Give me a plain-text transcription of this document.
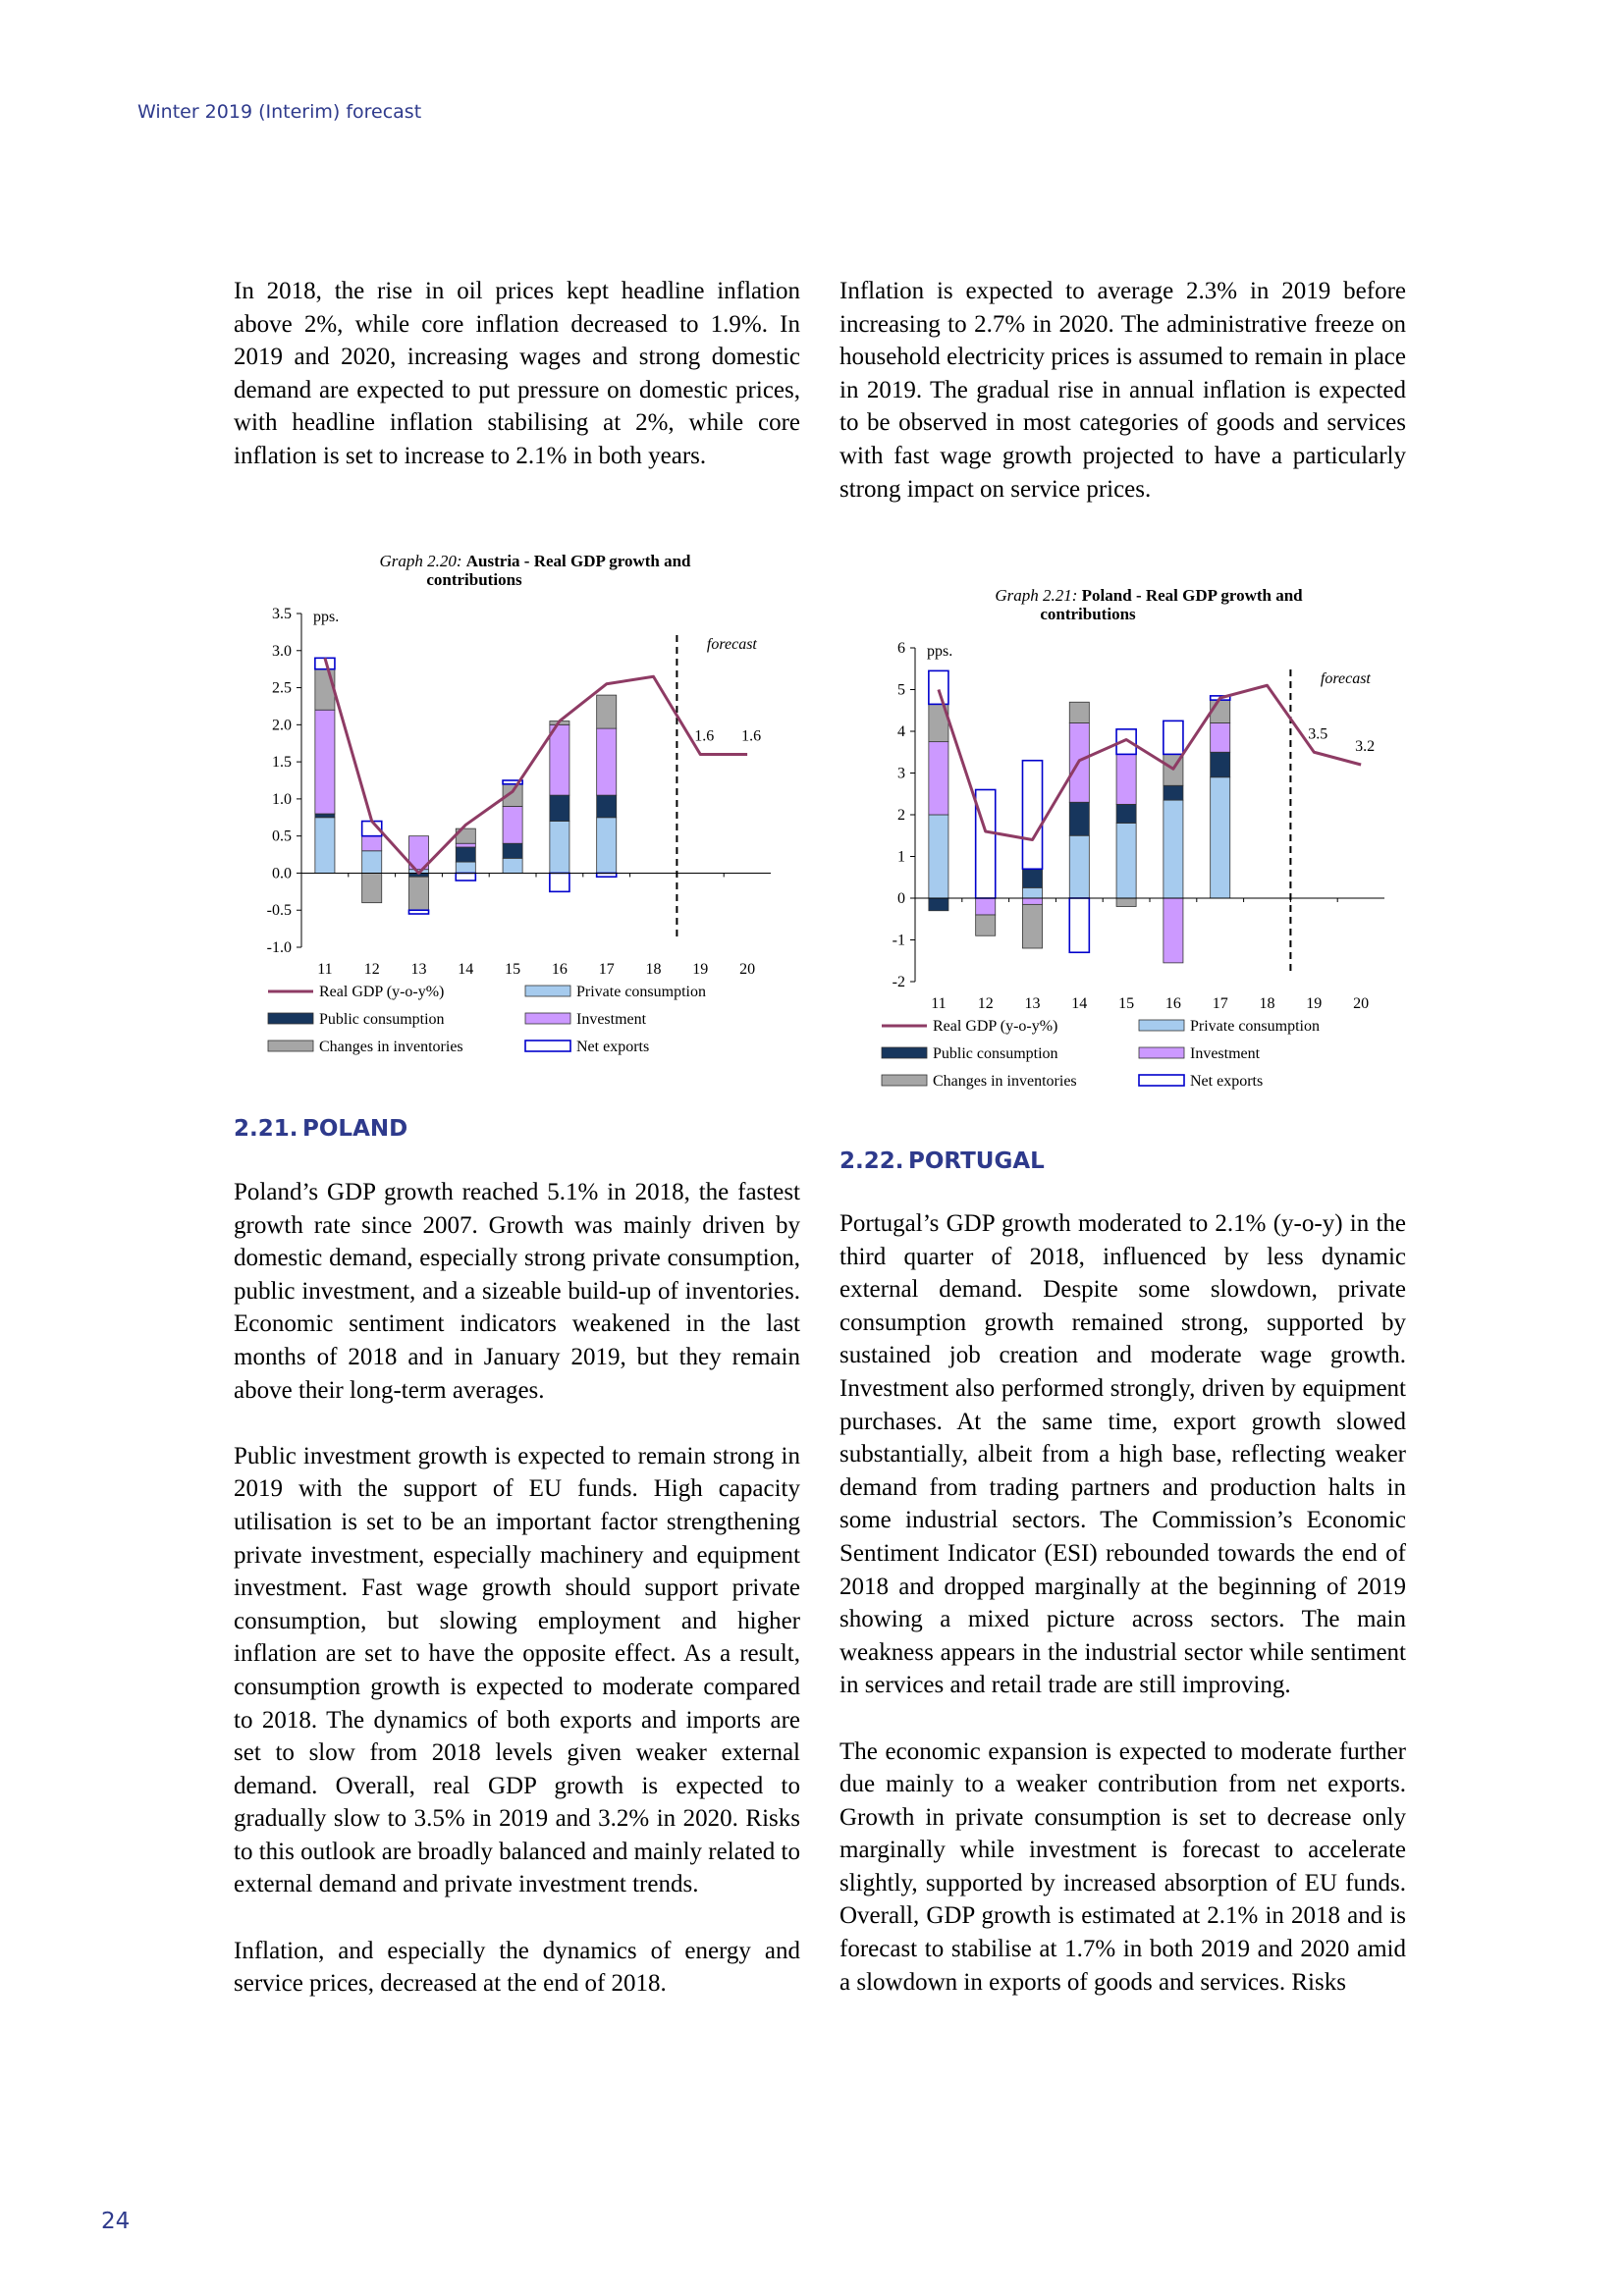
Winter 2019 (Interim) forecast

In 2018, the rise in oil prices kept headline inflation above 2%, while core inflation decreased to 1.9%. In 2019 and 2020, increasing wages and strong domestic demand are expected to put pressure on domestic prices, with headline inflation stabilising at 2%, while core inflation is set to increase to 2.1% in both years.

Inflation is expected to average 2.3% in 2019 before increasing to 2.7% in 2020. The administrative freeze on household electricity prices is assumed to remain in place in 2019. The gradual rise in annual inflation is expected to be observed in most categories of goods and services with fast wage growth projected to have a particularly strong impact on service prices.

Graph 2.20: Austria - Real GDP growth and
contributions
-1.0
-0.5
0.0
0.5
1.0
1.5
2.0
2.5
3.0
3.5 pps.
11 12 13 14 15 16 17 18 19 20
forecast
1.6 1.6
Real GDP (y-o-y%)	Private consumption
Public consumption	Investment
Changes in inventories	Net exports
Graph 2.21: Poland - Real GDP growth and
contributions
-2
-1
0
1
2
3
4
5
6 pps.
11 12 13 14 15 16 17 18 19 20
forecast
3.5
3.2
Real GDP (y-o-y%)	Private consumption
Public consumption	Investment
Changes in inventories	Net exports
2.21. POLAND

Poland’s GDP growth reached 5.1% in 2018, the fastest growth rate since 2007. Growth was mainly driven by domestic demand, especially strong private consumption, public investment, and a sizeable build-up of inventories. Economic sentiment indicators weakened in the last months of 2018 and in January 2019, but they remain above their long-term averages.

Public investment growth is expected to remain strong in 2019 with the support of EU funds. High capacity utilisation is set to be an important factor strengthening private investment, especially machinery and equipment investment. Fast wage growth should support private consumption, but slowing employment and higher inflation are set to have the opposite effect. As a result, consumption growth is expected to moderate compared to 2018. The dynamics of both exports and imports are set to slow from 2018 levels given weaker external demand. Overall, real GDP growth is expected to gradually slow to 3.5% in 2019 and 3.2% in 2020. Risks to this outlook are broadly balanced and mainly related to external demand and private investment trends.

Inflation, and especially the dynamics of energy and service prices, decreased at the end of 2018.

2.22. PORTUGAL

Portugal’s GDP growth moderated to 2.1% (y-o-y) in the third quarter of 2018, influenced by less dynamic external demand. Despite some slowdown, private consumption growth remained strong, supported by sustained job creation and moderate wage growth. Investment also performed strongly, driven by equipment purchases. At the same time, export growth slowed substantially, albeit from a high base, reflecting weaker demand from trading partners and production halts in some industrial sectors. The Commission’s Economic Sentiment Indicator (ESI) rebounded towards the end of 2018 and dropped marginally at the beginning of 2019 showing a mixed picture across sectors. The main weakness appears in the industrial sector while sentiment in services and retail trade are still improving.

The economic expansion is expected to moderate further due mainly to a weaker contribution from net exports. Growth in private consumption is set to decrease only marginally while investment is forecast to accelerate slightly, supported by increased absorption of EU funds. Overall, GDP growth is estimated at 2.1% in 2018 and is forecast to stabilise at 1.7% in both 2019 and 2020 amid a slowdown in exports of goods and services. Risks

24
